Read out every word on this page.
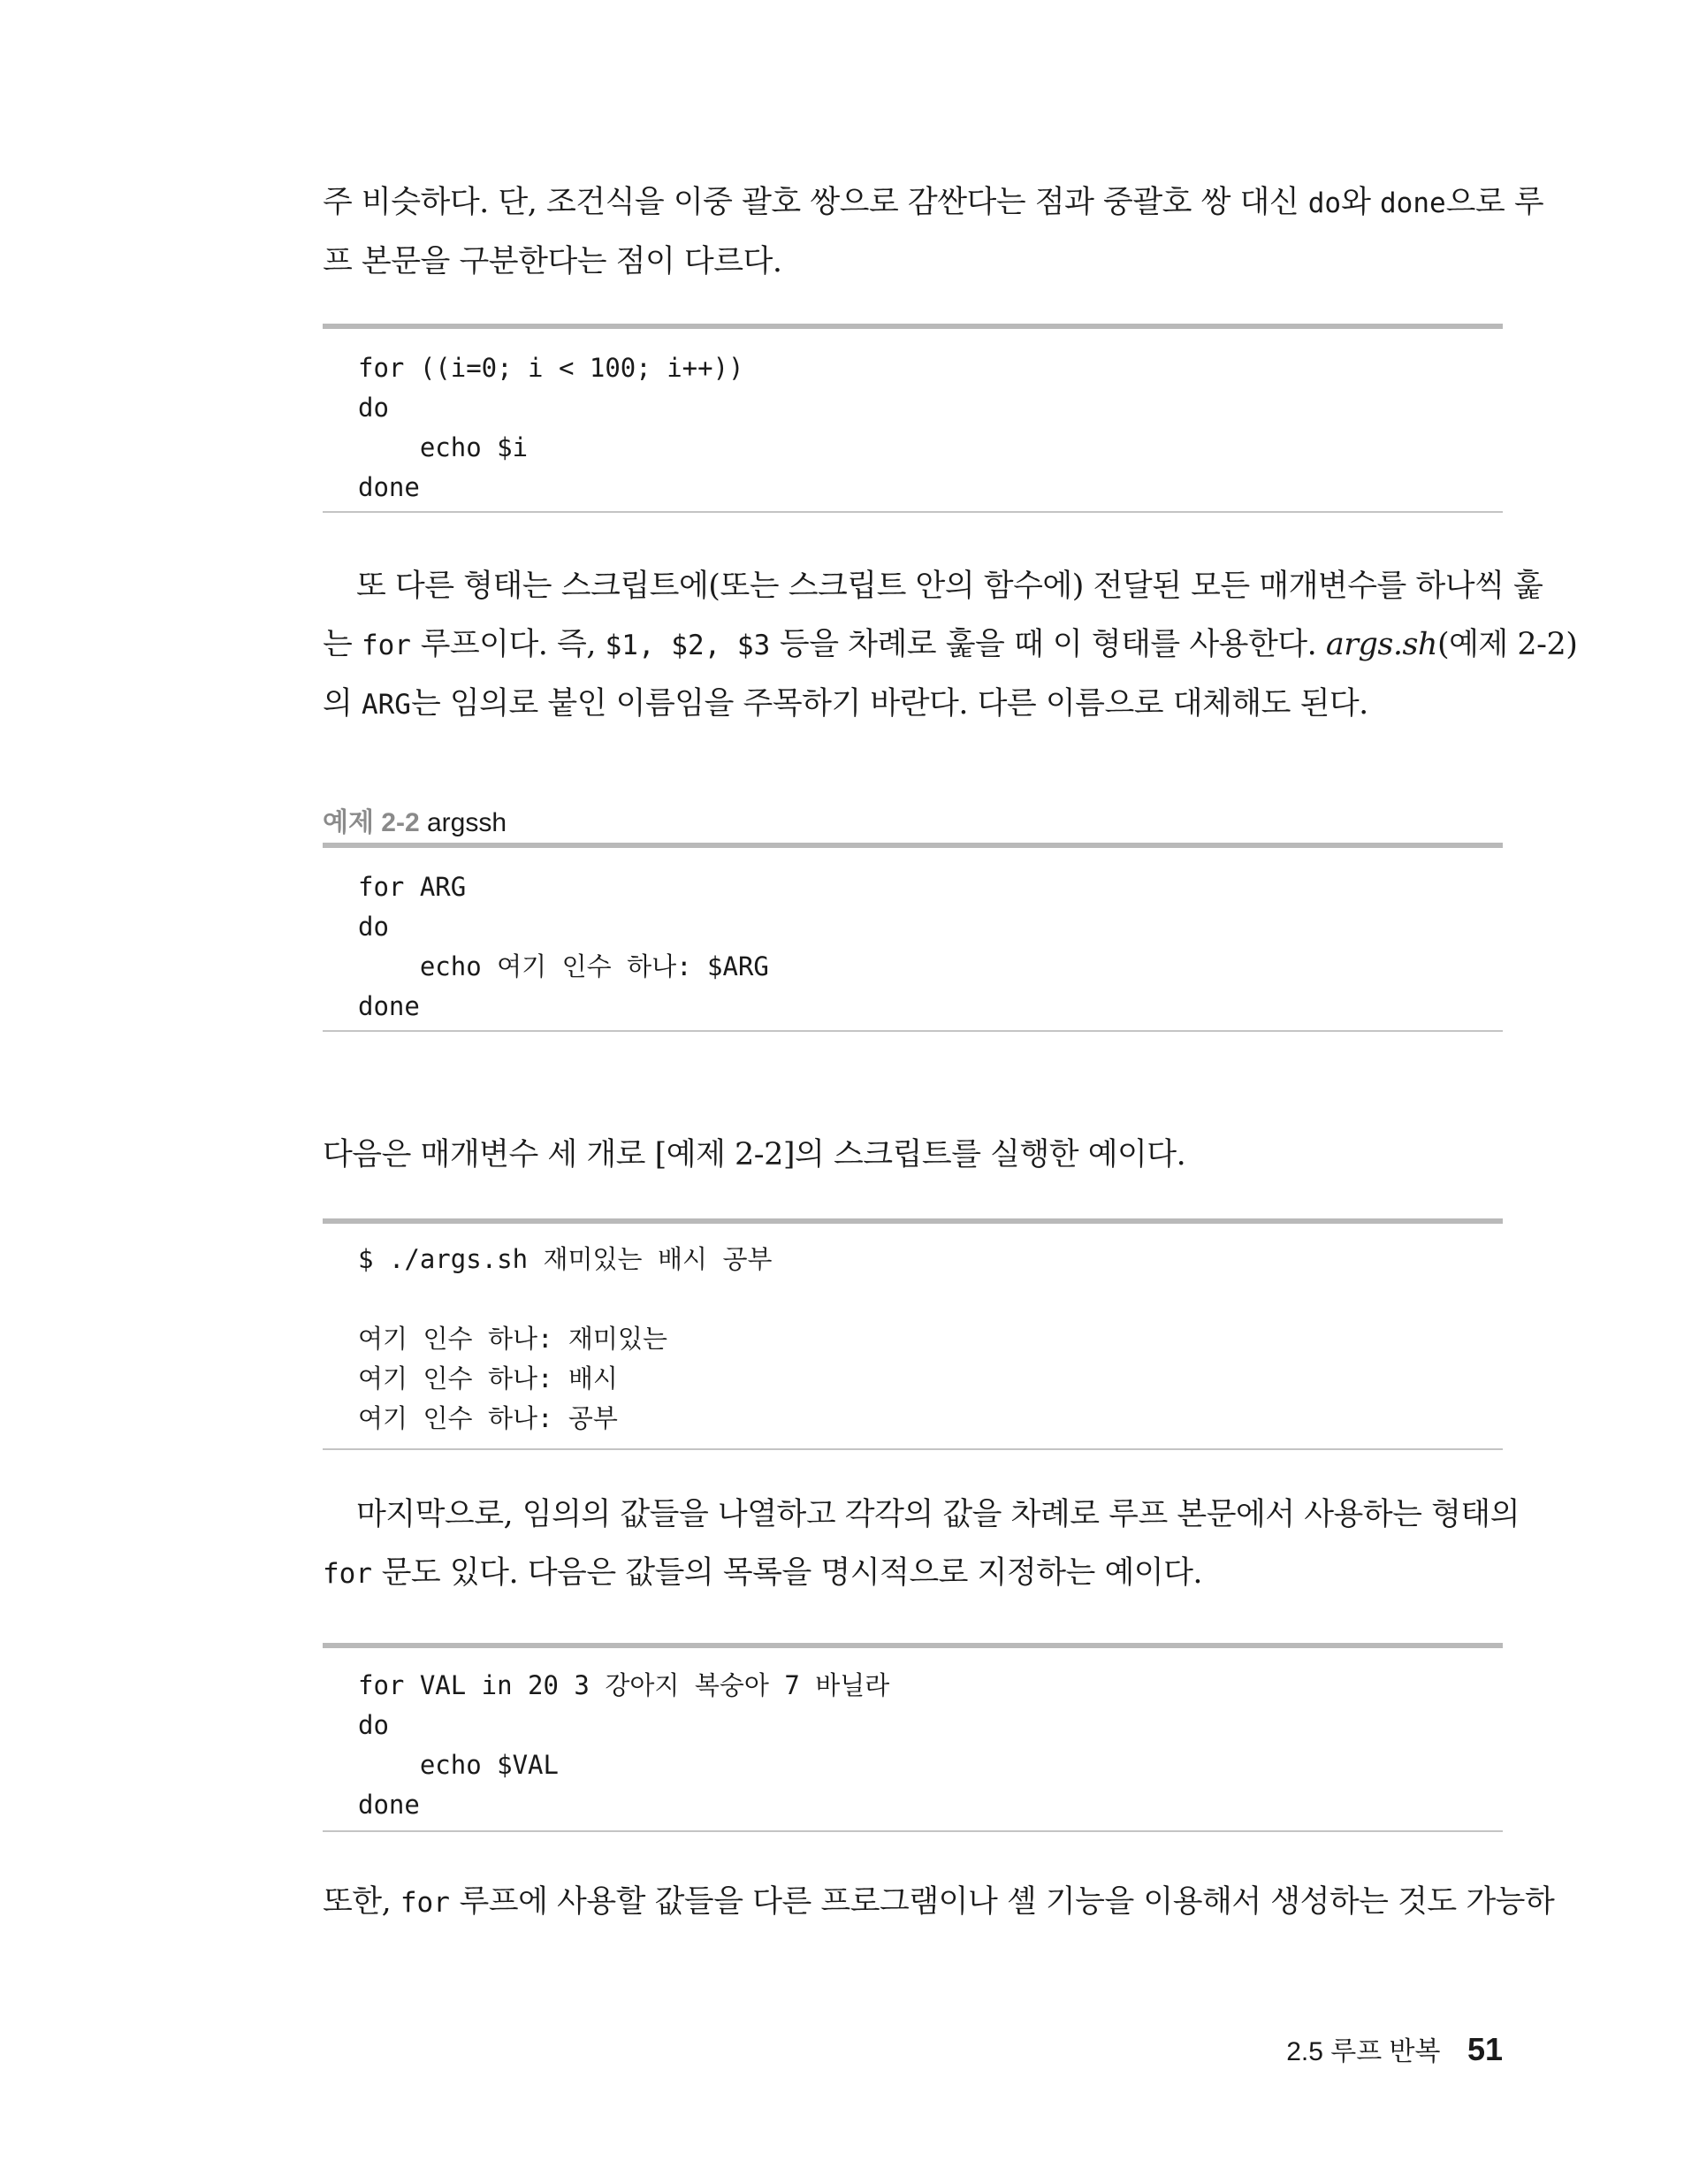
주 비슷하다. 단, 조건식을 이중 괄호 쌍으로 감싼다는 점과 중괄호 쌍 대신 do와 done으로 루
프 본문을 구분한다는 점이 다르다.

for ((i=0; i < 100; i++))
do
echo $i
done

또 다른 형태는 스크립트에(또는 스크립트 안의 함수에) 전달된 모든 매개변수를 하나씩 훑
는 for 루프이다. 즉, $1, $2, $3 등을 차례로 훑을 때 이 형태를 사용한다. args.sh(예제 2-2)
의 ARG는 임의로 붙인 이름임을 주목하기 바란다. 다른 이름으로 대체해도 된다.

예제 2-2 argssh
for ARG
do
echo 여기 인수 하나: $ARG
done

다음은 매개변수 세 개로 [예제 2-2]의 스크립트를 실행한 예이다.

$ ./args.sh 재미있는 배시 공부

여기 인수 하나: 재미있는
여기 인수 하나: 배시
여기 인수 하나: 공부

마지막으로, 임의의 값들을 나열하고 각각의 값을 차례로 루프 본문에서 사용하는 형태의
for 문도 있다. 다음은 값들의 목록을 명시적으로 지정하는 예이다.

for VAL in 20 3 강아지 복숭아 7 바닐라
do
echo $VAL
done

또한, for 루프에 사용할 값들을 다른 프로그램이나 셸 기능을 이용해서 생성하는 것도 가능하

2.5 루프 반복 51
